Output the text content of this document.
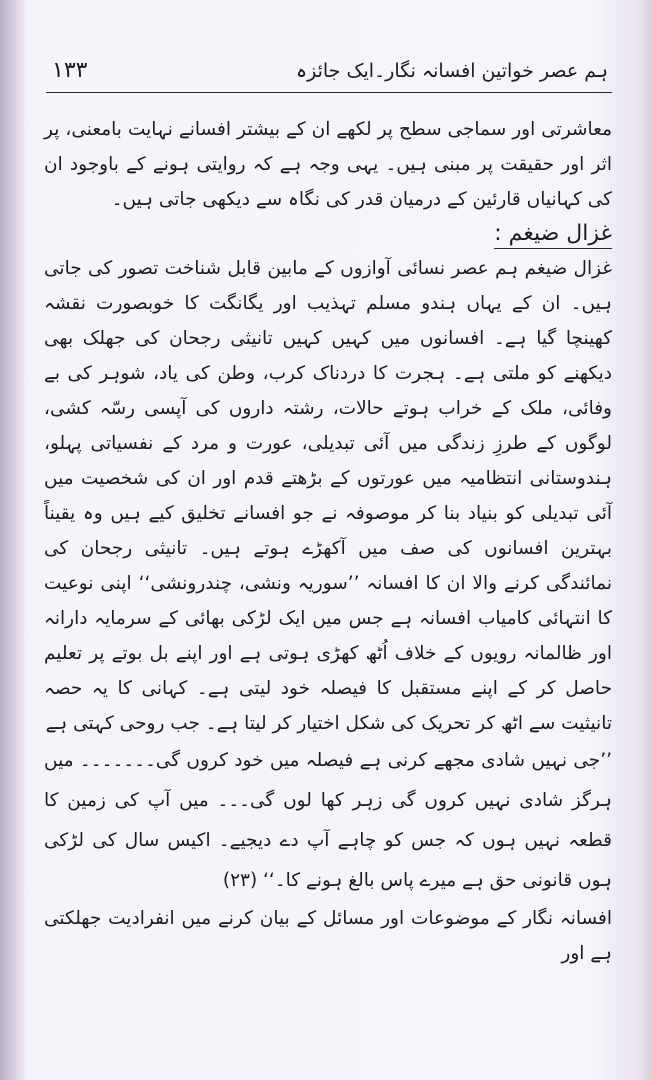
١٣٣	ہم عصر خواتین افسانہ نگار۔ایک جائزہ

معاشرتی اور سماجی سطح پر لکھے ان کے بیشتر افسانے نہایت بامعنی، پر اثر اور حقیقت پر مبنی ہیں۔ یہی وجہ ہے کہ روایتی ہونے کے باوجود ان کی کہانیاں قارئین کے درمیان قدر کی نگاہ سے دیکھی جاتی ہیں۔

غزال ضیغم :

غزال ضیغم ہم عصر نسائی آوازوں کے مابین قابل شناخت تصور کی جاتی ہیں۔ ان کے یہاں ہندو مسلم تہذیب اور یگانگت کا خوبصورت نقشہ کھینچا گیا ہے۔ افسانوں میں کہیں کہیں تانیثی رجحان کی جھلک بھی دیکھنے کو ملتی ہے۔ ہجرت کا دردناک کرب، وطن کی یاد، شوہر کی بے وفائی، ملک کے خراب ہوتے حالات، رشتہ داروں کی آپسی رسّہ کشی، لوگوں کے طرزِ زندگی میں آئی تبدیلی، عورت و مرد کے نفسیاتی پہلو، ہندوستانی انتظامیہ میں عورتوں کے بڑھتے قدم اور ان کی شخصیت میں آئی تبدیلی کو بنیاد بنا کر موصوفہ نے جو افسانے تخلیق کیے ہیں وہ یقیناً بہترین افسانوں کی صف میں آکھڑے ہوتے ہیں۔ تانیثی رجحان کی نمائندگی کرنے والا ان کا افسانہ ’’سوریہ ونشی، چندرونشی‘‘ اپنی نوعیت کا انتہائی کامیاب افسانہ ہے جس میں ایک لڑکی بھائی کے سرمایہ دارانہ اور ظالمانہ رویوں کے خلاف اُٹھ کھڑی ہوتی ہے اور اپنے بل بوتے پر تعلیم حاصل کر کے اپنے مستقبل کا فیصلہ خود لیتی ہے۔ کہانی کا یہ حصہ تانیثیت سے اٹھ کر تحریک کی شکل اختیار کر لیتا ہے۔ جب روحی کہتی ہے

’’جی نہیں شادی مجھے کرنی ہے فیصلہ میں خود کروں گی۔۔۔۔۔۔۔ میں ہرگز شادی نہیں کروں گی زہر کھا لوں گی۔۔۔ میں آپ کی زمین کا قطعہ نہیں ہوں کہ جس کو چاہے آپ دے دیجیے۔ اکیس سال کی لڑکی ہوں قانونی حق ہے میرے پاس بالغ ہونے کا۔‘‘ (٢٣)

افسانہ نگار کے موضوعات اور مسائل کے بیان کرنے میں انفرادیت جھلکتی ہے اور
